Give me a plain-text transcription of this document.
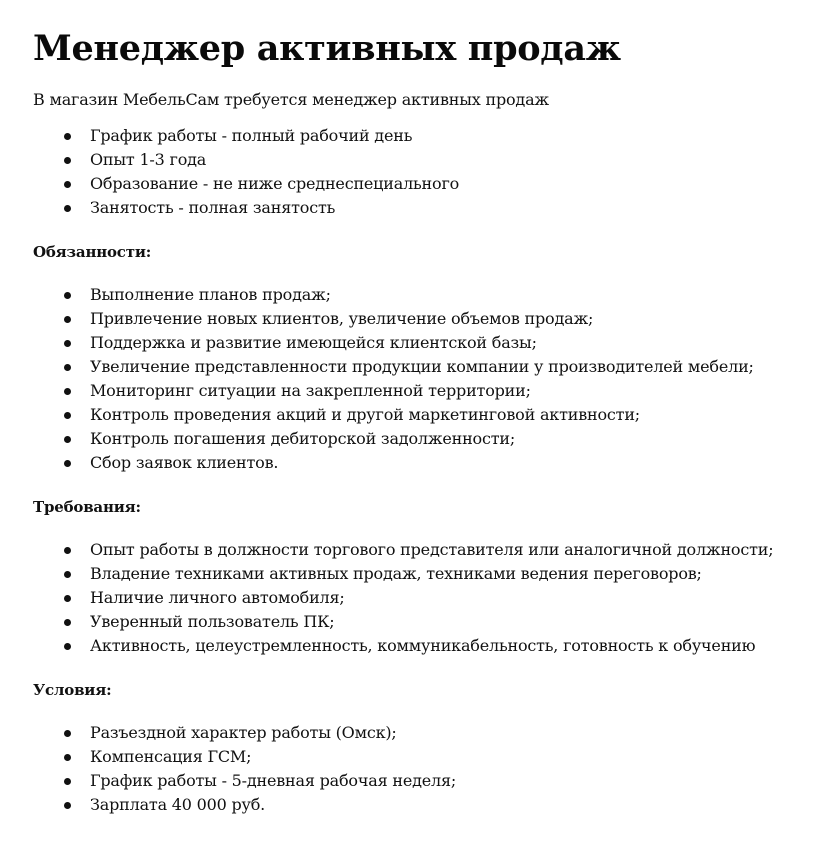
Менеджер активных продаж

В магазин МебельСам требуется менеджер активных продаж

График работы - полный рабочий день
Опыт 1-3 года
Образование - не ниже среднеспециального
Занятость - полная занятость
Обязанности:
Выполнение планов продаж;
Привлечение новых клиентов, увеличение объемов продаж;
Поддержка и развитие имеющейся клиентской базы;
Увеличение представленности продукции компании у производителей мебели;
Мониторинг ситуации на закрепленной территории;
Контроль проведения акций и другой маркетинговой активности;
Контроль погашения дебиторской задолженности;
Сбор заявок клиентов.
Требования:
Опыт работы в должности торгового представителя или аналогичной должности;
Владение техниками активных продаж, техниками ведения переговоров;
Наличие личного автомобиля;
Уверенный пользователь ПК;
Активность, целеустремленность, коммуникабельность, готовность к обучению
Условия:
Разъездной характер работы (Омск);
Компенсация ГСМ;
График работы - 5-дневная рабочая неделя;
Зарплата 40 000 руб.
